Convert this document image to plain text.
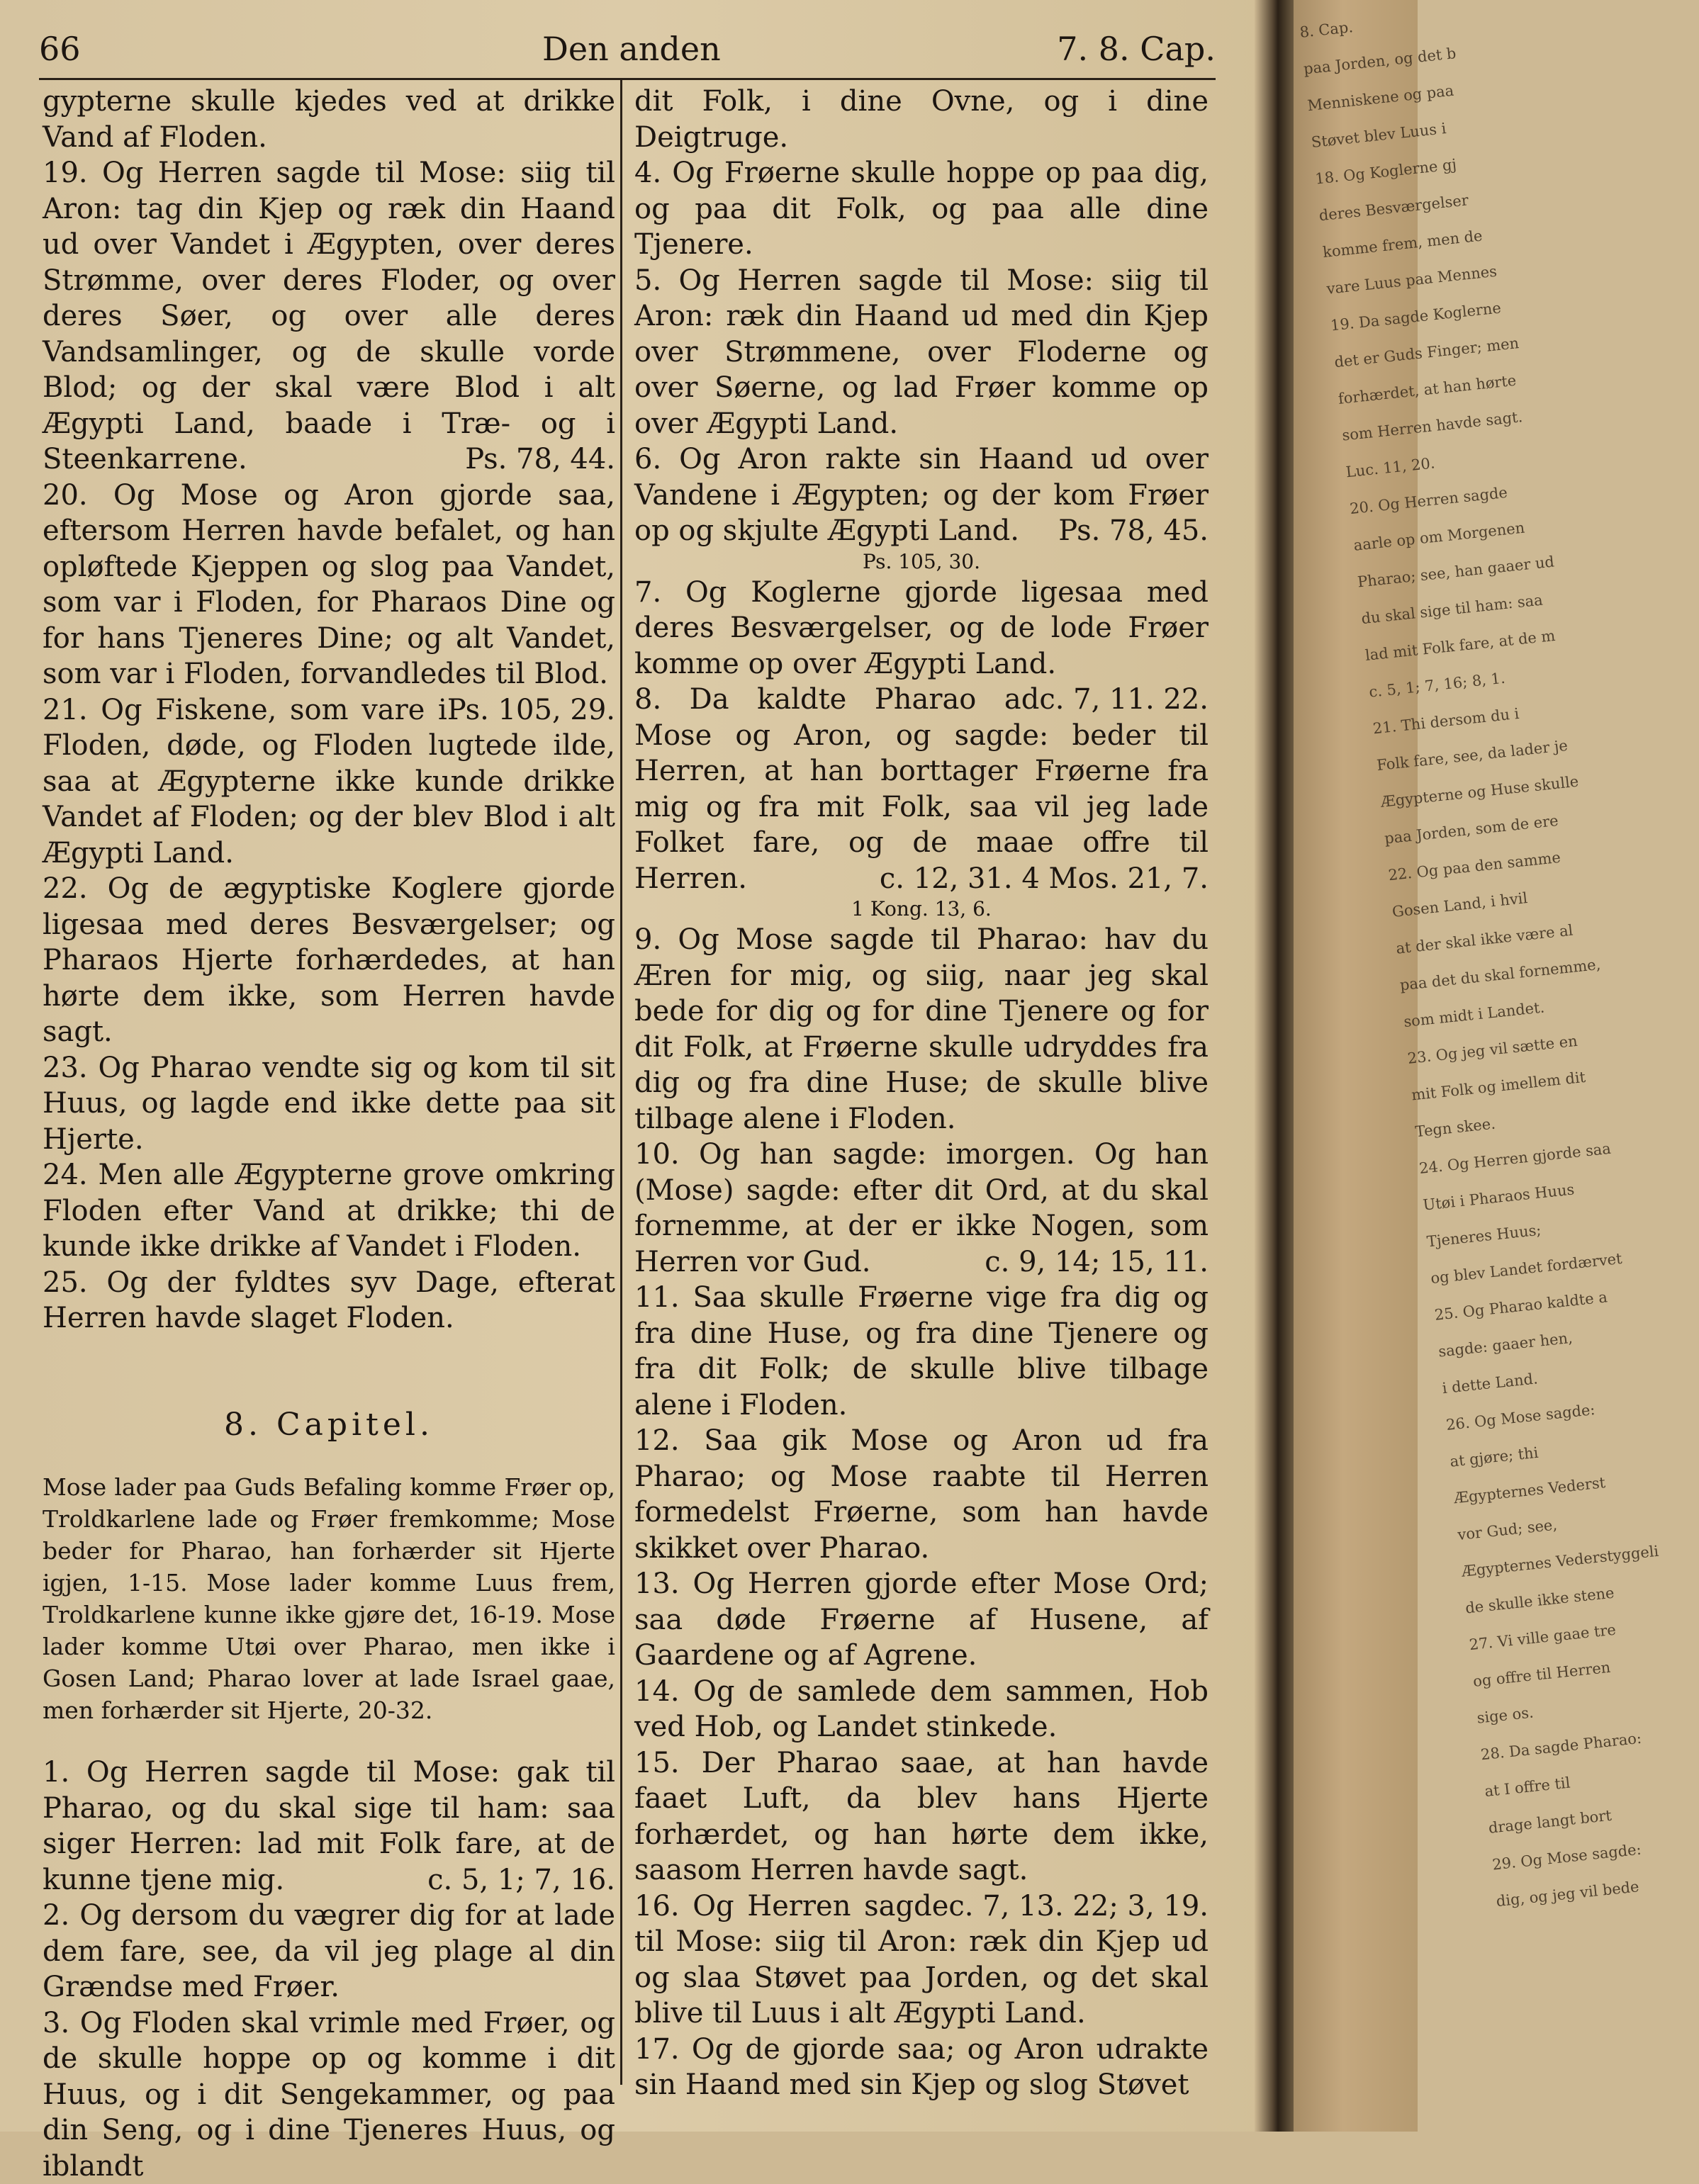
66	Den anden	7. 8. Cap.
gypterne skulle kjedes ved at drikke Vand af Floden.
19. Og Herren sagde til Mose: siig til Aron: tag din Kjep og ræk din Haand ud over Vandet i Ægypten, over deres Strømme, over deres Floder, og over deres Søer, og over alle deres Vandsamlinger, og de skulle vorde Blod; og der skal være Blod i alt Ægypti Land, baade i Træ- og i Steenkarrene.	Ps. 78, 44.
20. Og Mose og Aron gjorde saa, eftersom Herren havde befalet, og han opløftede Kjeppen og slog paa Vandet, som var i Floden, for Pharaos Dine og for hans Tjeneres Dine; og alt Vandet, som var i Floden, forvandledes til Blod.
Ps. 105, 29.
21. Og Fiskene, som vare i Floden, døde, og Floden lugtede ilde, saa at Ægypterne ikke kunde drikke Vandet af Floden; og der blev Blod i alt Ægypti Land.
22. Og de ægyptiske Koglere gjorde ligesaa med deres Besværgelser; og Pharaos Hjerte forhærdedes, at han hørte dem ikke, som Herren havde sagt.
23. Og Pharao vendte sig og kom til sit Huus, og lagde end ikke dette paa sit Hjerte.
24. Men alle Ægypterne grove omkring Floden efter Vand at drikke; thi de kunde ikke drikke af Vandet i Floden.
25. Og der fyldtes syv Dage, efterat Herren havde slaget Floden.
8. Capitel.
Mose lader paa Guds Befaling komme Frøer op, Troldkarlene lade og Frøer fremkomme; Mose beder for Pharao, han forhærder sit Hjerte igjen, 1-15. Mose lader komme Luus frem, Troldkarlene kunne ikke gjøre det, 16-19. Mose lader komme Utøi over Pharao, men ikke i Gosen Land; Pharao lover at lade Israel gaae, men forhærder sit Hjerte, 20-32.
1. Og Herren sagde til Mose: gak til Pharao, og du skal sige til ham: saa siger Herren: lad mit Folk fare, at de kunne tjene mig.	c. 5, 1; 7, 16.
2. Og dersom du vægrer dig for at lade dem fare, see, da vil jeg plage al din Grændse med Frøer.
3. Og Floden skal vrimle med Frøer, og de skulle hoppe op og komme i dit Huus, og i dit Sengekammer, og paa din Seng, og i dine Tjeneres Huus, og iblandt
dit Folk, i dine Ovne, og i dine Deigtruge.
4. Og Frøerne skulle hoppe op paa dig, og paa dit Folk, og paa alle dine Tjenere.
5. Og Herren sagde til Mose: siig til Aron: ræk din Haand ud med din Kjep over Strømmene, over Floderne og over Søerne, og lad Frøer komme op over Ægypti Land.
6. Og Aron rakte sin Haand ud over Vandene i Ægypten; og der kom Frøer op og skjulte Ægypti Land. Ps. 78, 45.
Ps. 105, 30.
7. Og Koglerne gjorde ligesaa med deres Besværgelser, og de lode Frøer komme op over Ægypti Land.
c. 7, 11. 22.
8. Da kaldte Pharao ad Mose og Aron, og sagde: beder til Herren, at han borttager Frøerne fra mig og fra mit Folk, saa vil jeg lade Folket fare, og de maae offre til Herren.	c. 12, 31. 4 Mos. 21, 7.
1 Kong. 13, 6.
9. Og Mose sagde til Pharao: hav du Æren for mig, og siig, naar jeg skal bede for dig og for dine Tjenere og for dit Folk, at Frøerne skulle udryddes fra dig og fra dine Huse; de skulle blive tilbage alene i Floden.
10. Og han sagde: imorgen. Og han (Mose) sagde: efter dit Ord, at du skal fornemme, at der er ikke Nogen, som Herren vor Gud.	c. 9, 14; 15, 11.
11. Saa skulle Frøerne vige fra dig og fra dine Huse, og fra dine Tjenere og fra dit Folk; de skulle blive tilbage alene i Floden.
12. Saa gik Mose og Aron ud fra Pharao; og Mose raabte til Herren formedelst Frøerne, som han havde skikket over Pharao.
13. Og Herren gjorde efter Mose Ord; saa døde Frøerne af Husene, af Gaardene og af Agrene.
14. Og de samlede dem sammen, Hob ved Hob, og Landet stinkede.
15. Der Pharao saae, at han havde faaet Luft, da blev hans Hjerte forhærdet, og han hørte dem ikke, saasom Herren havde sagt.
c. 7, 13. 22; 3, 19.
16. Og Herren sagde til Mose: siig til Aron: ræk din Kjep ud og slaa Støvet paa Jorden, og det skal blive til Luus i alt Ægypti Land.
17. Og de gjorde saa; og Aron udrakte sin Haand med sin Kjep og slog Støvet
8. Cap.
paa Jorden, og det b
Menniskene og paa
Støvet blev Luus i
18. Og Koglerne gj
deres Besværgelser
komme frem, men de
vare Luus paa Mennes
19. Da sagde Koglerne
det er Guds Finger; men
forhærdet, at han hørte
som Herren havde sagt.
Luc. 11, 20.
20. Og Herren sagde
aarle op om Morgenen
Pharao; see, han gaaer ud
du skal sige til ham: saa
lad mit Folk fare, at de m
c. 5, 1; 7, 16; 8, 1.
21. Thi dersom du i
Folk fare, see, da lader je
Ægypterne og Huse skulle
paa Jorden, som de ere
22. Og paa den samme
Gosen Land, i hvil
at der skal ikke være al
paa det du skal fornemme,
som midt i Landet.
23. Og jeg vil sætte en
mit Folk og imellem dit
Tegn skee.
24. Og Herren gjorde saa
Utøi i Pharaos Huus
Tjeneres Huus;
og blev Landet fordærvet
25. Og Pharao kaldte a
sagde: gaaer hen,
i dette Land.
26. Og Mose sagde:
at gjøre; thi
Ægypternes Vederst
vor Gud; see,
Ægypternes Vederstyggeli
de skulle ikke stene
27. Vi ville gaae tre
og offre til Herren
sige os.
28. Da sagde Pharao:
at I offre til
drage langt bort
29. Og Mose sagde:
dig, og jeg vil bede
